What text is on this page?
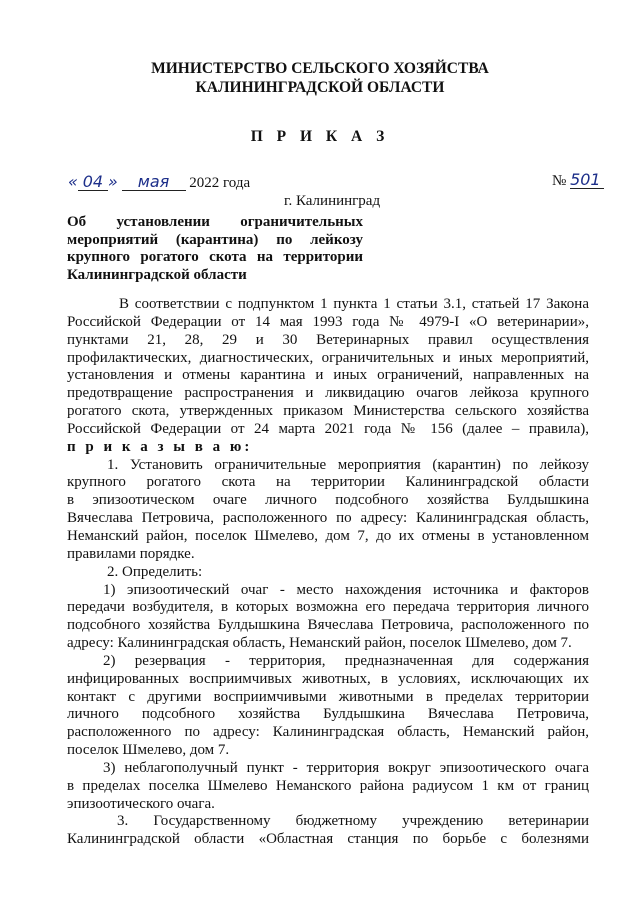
МИНИСТЕРСТВО СЕЛЬСКОГО ХОЗЯЙСТВА
КАЛИНИНГРАДСКОЙ ОБЛАСТИ
П Р И К А З
« 04 » мая 2022 года	№ 501
г. Калининград
Об установлении ограничительных
мероприятий (карантина) по лейкозу
крупного рогатого скота на территории
Калининградской области
В соответствии с подпунктом 1 пункта 1 статьи 3.1, статьей 17 Закона
Российской Федерации от 14 мая 1993 года № 4979-I «О ветеринарии»,
пунктами 21, 28, 29 и 30 Ветеринарных правил осуществления
профилактических, диагностических, ограничительных и иных мероприятий,
установления и отмены карантина и иных ограничений, направленных на
предотвращение распространения и ликвидацию очагов лейкоза крупного
рогатого скота, утвержденных приказом Министерства сельского хозяйства
Российской Федерации от 24 марта 2021 года № 156 (далее – правила),
п р и к а з ы в а ю:
1. Установить ограничительные мероприятия (карантин) по лейкозу
крупного рогатого скота на территории Калининградской области
в эпизоотическом очаге личного подсобного хозяйства Булдышкина
Вячеслава Петровича, расположенного по адресу: Калининградская область,
Неманский район, поселок Шмелево, дом 7, до их отмены в установленном
правилами порядке.
2. Определить:
1) эпизоотический очаг - место нахождения источника и факторов
передачи возбудителя, в которых возможна его передача территория личного
подсобного хозяйства Булдышкина Вячеслава Петровича, расположенного по
адресу: Калининградская область, Неманский район, поселок Шмелево, дом 7.
2) резервация - территория, предназначенная для содержания
инфицированных восприимчивых животных, в условиях, исключающих их
контакт с другими восприимчивыми животными в пределах территории
личного подсобного хозяйства Булдышкина Вячеслава Петровича,
расположенного по адресу: Калининградская область, Неманский район,
поселок Шмелево, дом 7.
3) неблагополучный пункт - территория вокруг эпизоотического очага
в пределах поселка Шмелево Неманского района радиусом 1 км от границ
эпизоотического очага.
3. Государственному бюджетному учреждению ветеринарии
Калининградской области «Областная станция по борьбе с болезнями
